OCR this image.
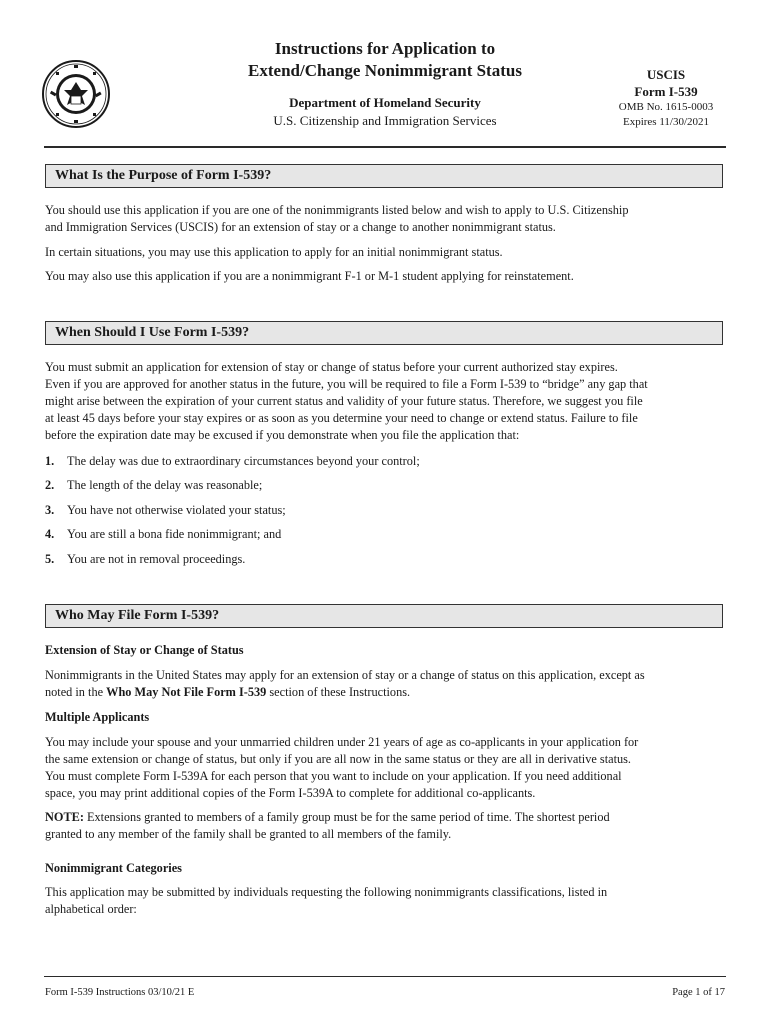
Instructions for Application to
Extend/Change Nonimmigrant Status
Department of Homeland Security
U.S. Citizenship and Immigration Services
USCIS
Form I-539
OMB No. 1615-0003
Expires 11/30/2021
What Is the Purpose of Form I-539?

You should use this application if you are one of the nonimmigrants listed below and wish to apply to U.S. Citizenship
and Immigration Services (USCIS) for an extension of stay or a change to another nonimmigrant status.

In certain situations, you may use this application to apply for an initial nonimmigrant status.

You may also use this application if you are a nonimmigrant F-1 or M-1 student applying for reinstatement.

When Should I Use Form I-539?

You must submit an application for extension of stay or change of status before your current authorized stay expires.
Even if you are approved for another status in the future, you will be required to file a Form I-539 to “bridge” any gap that
might arise between the expiration of your current status and validity of your future status. Therefore, we suggest you file
at least 45 days before your stay expires or as soon as you determine your need to change or extend status. Failure to file
before the expiration date may be excused if you demonstrate when you file the application that:

1. The delay was due to extraordinary circumstances beyond your control;
2. The length of the delay was reasonable;
3. You have not otherwise violated your status;
4. You are still a bona fide nonimmigrant; and
5. You are not in removal proceedings.
Who May File Form I-539?
Extension of Stay or Change of Status

Nonimmigrants in the United States may apply for an extension of stay or a change of status on this application, except as
noted in the Who May Not File Form I-539 section of these Instructions.

Multiple Applicants

You may include your spouse and your unmarried children under 21 years of age as co-applicants in your application for
the same extension or change of status, but only if you are all now in the same status or they are all in derivative status.
You must complete Form I-539A for each person that you want to include on your application. If you need additional
space, you may print additional copies of the Form I-539A to complete for additional co-applicants.

NOTE: Extensions granted to members of a family group must be for the same period of time. The shortest period
granted to any member of the family shall be granted to all members of the family.

Nonimmigrant Categories

This application may be submitted by individuals requesting the following nonimmigrants classifications, listed in
alphabetical order:

Form I-539 Instructions 03/10/21 E	Page 1 of 17
